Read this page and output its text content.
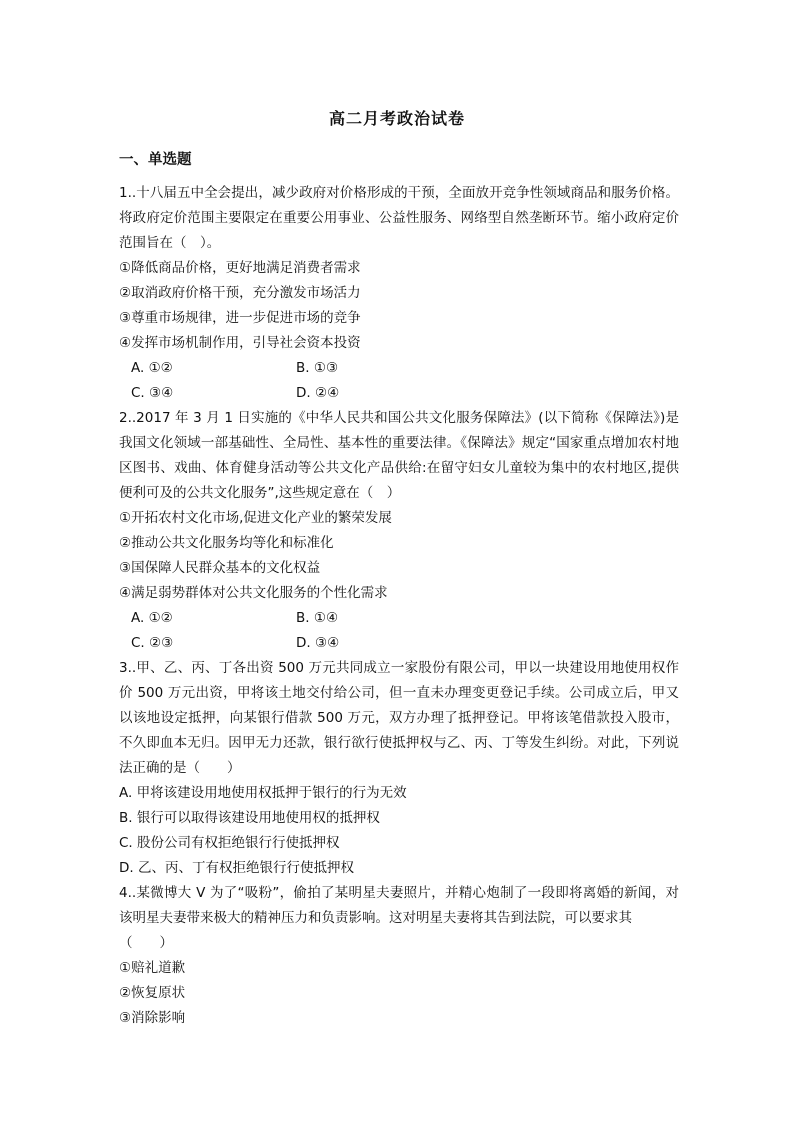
高二月考政治试卷
一、单选题

1..十八届五中全会提出，减少政府对价格形成的干预，全面放开竞争性领域商品和服务价格。将政府定价范围主要限定在重要公用事业、公益性服务、网络型自然垄断环节。缩小政府定价范围旨在（　）。

①降低商品价格，更好地满足消费者需求

②取消政府价格干预，充分激发市场活力

③尊重市场规律，进一步促进市场的竞争

④发挥市场机制作用，引导社会资本投资

A. ①②	B. ①③
C. ③④	D. ②④

2..2017 年 3 月 1 日实施的《中华人民共和国公共文化服务保障法》(以下简称《保障法》)是我国文化领域一部基础性、全局性、基本性的重要法律。《保障法》规定“国家重点增加农村地区图书、戏曲、体育健身活动等公共文化产品供给:在留守妇女儿童较为集中的农村地区,提供便利可及的公共文化服务”,这些规定意在（　）

①开拓农村文化市场,促进文化产业的繁荣发展

②推动公共文化服务均等化和标准化

③国保障人民群众基本的文化权益

④满足弱势群体对公共文化服务的个性化需求

A. ①②	B. ①④
C. ②③	D. ③④

3..甲、乙、丙、丁各出资 500 万元共同成立一家股份有限公司，甲以一块建设用地使用权作价 500 万元出资，甲将该土地交付给公司，但一直未办理变更登记手续。公司成立后，甲又以该地设定抵押，向某银行借款 500 万元，双方办理了抵押登记。甲将该笔借款投入股市，不久即血本无归。因甲无力还款，银行欲行使抵押权与乙、丙、丁等发生纠纷。对此，下列说法正确的是（　　）

A. 甲将该建设用地使用权抵押于银行的行为无效

B. 银行可以取得该建设用地使用权的抵押权

C. 股份公司有权拒绝银行行使抵押权

D. 乙、丙、丁有权拒绝银行行使抵押权

4..某微博大 V 为了“吸粉”，偷拍了某明星夫妻照片，并精心炮制了一段即将离婚的新闻，对该明星夫妻带来极大的精神压力和负责影响。这对明星夫妻将其告到法院，可以要求其

（　　）

①赔礼道歉

②恢复原状

③消除影响
